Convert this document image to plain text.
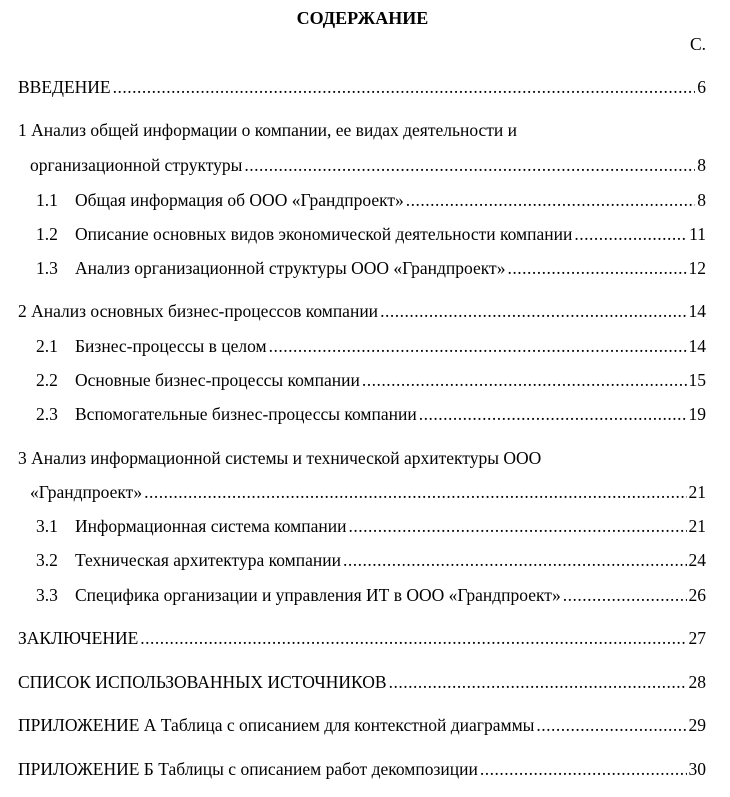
СОДЕРЖАНИЕ
С.
ВВЕДЕНИЕ .....	6
1 Анализ общей информации о компании, ее видах деятельности и
организационной структуры .....	8
1.1 Общая информация об ООО «Грандпроект» .....	8
1.2 Описание основных видов экономической деятельности компании .....	11
1.3 Анализ организационной структуры ООО «Грандпроект» .....	12
2 Анализ основных бизнес-процессов компании .....	14
2.1 Бизнес-процессы в целом .....	14
2.2 Основные бизнес-процессы компании .....	15
2.3 Вспомогательные бизнес-процессы компании .....	19
3 Анализ информационной системы и технической архитектуры ООО
«Грандпроект» .....	21
3.1 Информационная система компании .....	21
3.2 Техническая архитектура компании .....	24
3.3 Специфика организации и управления ИТ в ООО «Грандпроект» .....	26
ЗАКЛЮЧЕНИЕ .....	27
СПИСОК ИСПОЛЬЗОВАННЫХ ИСТОЧНИКОВ .....	28
ПРИЛОЖЕНИЕ А Таблица с описанием для контекстной диаграммы .....	29
ПРИЛОЖЕНИЕ Б Таблицы с описанием работ декомпозиции .....	30
